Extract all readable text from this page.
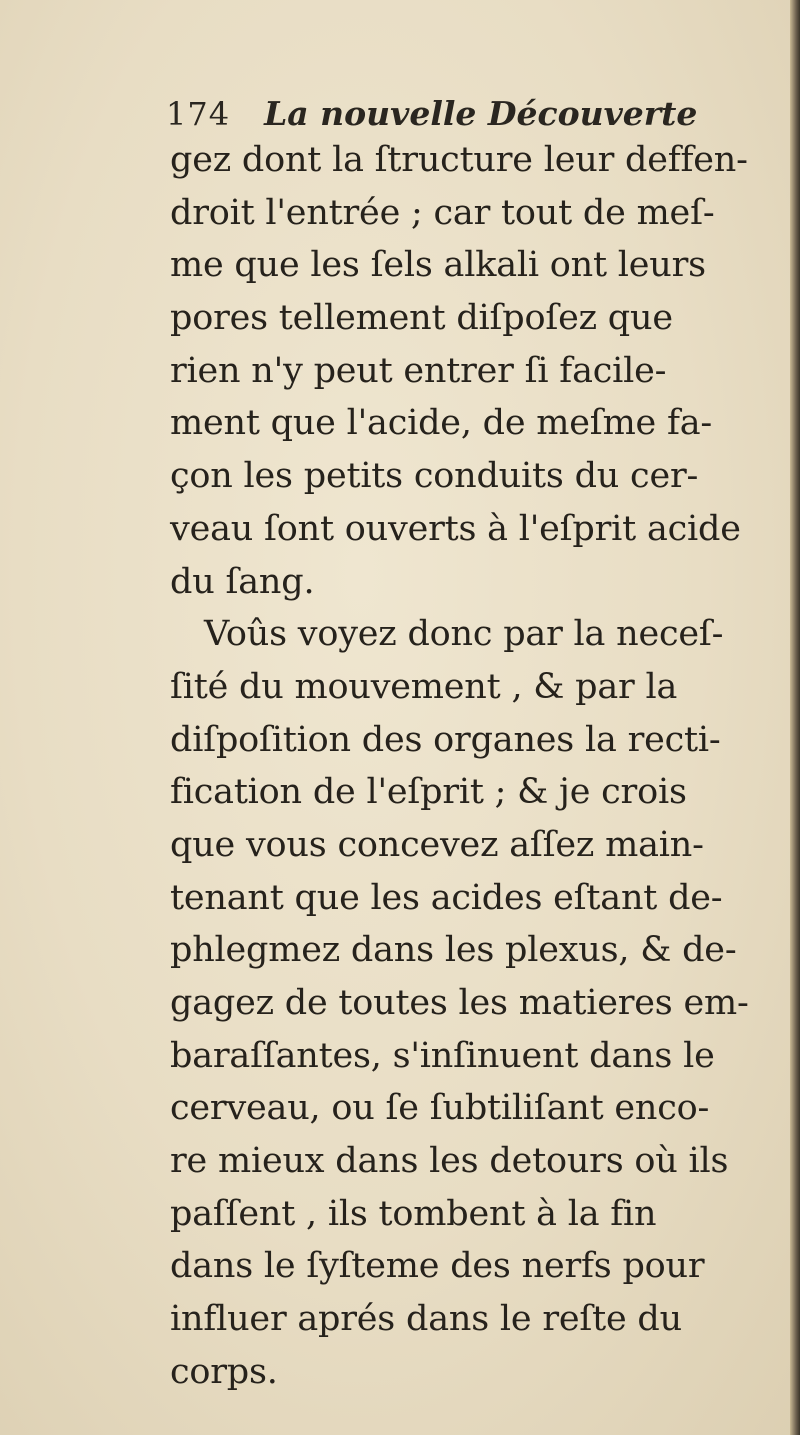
174 La nouvelle Découverte
gez dont la ſtructure leur deffen-
droit l'entrée ; car tout de meſ-
me que les ſels alkali ont leurs
pores tellement diſpoſez que
rien n'y peut entrer ſi facile-
ment que l'acide, de meſme fa-
çon les petits conduits du cer-
veau ſont ouverts à l'eſprit acide
du ſang.
Voûs voyez donc par la neceſ-
ſité du mouvement , & par la
diſpoſition des organes la recti-
fication de l'eſprit ; & je crois
que vous concevez aſſez main-
tenant que les acides eſtant de-
phlegmez dans les plexus, & de-
gagez de toutes les matieres em-
baraſſantes, s'inſinuent dans le
cerveau, ou ſe ſubtiliſant enco-
re mieux dans les detours où ils
paſſent , ils tombent à la fin
dans le ſyſteme des nerfs pour
influer aprés dans le reſte du
corps.
